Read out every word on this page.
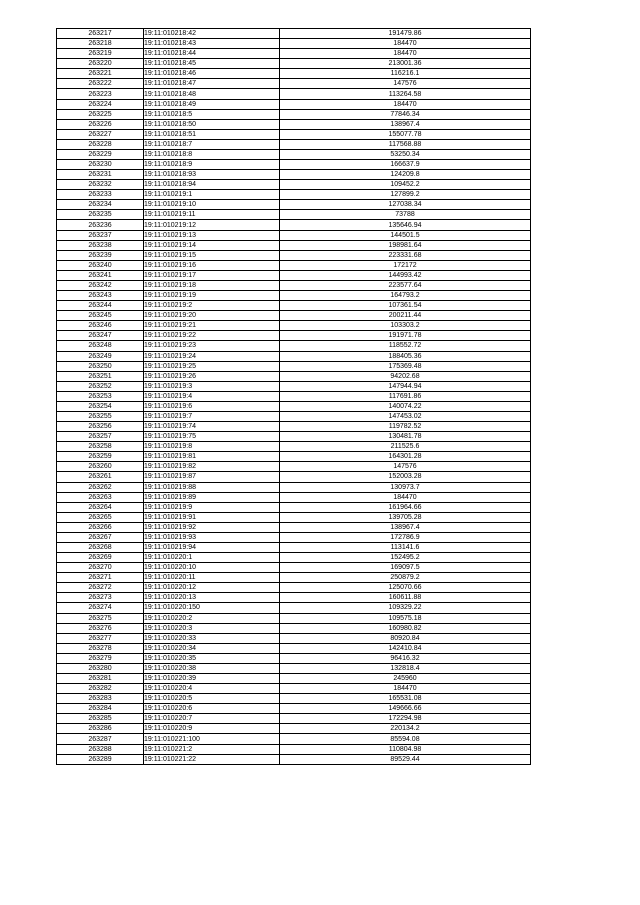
263217	19:11:010218:42	191479.86
263218	19:11:010218:43	184470
263219	19:11:010218:44	184470
263220	19:11:010218:45	213001.36
263221	19:11:010218:46	116216.1
263222	19:11:010218:47	147576
263223	19:11:010218:48	113264.58
263224	19:11:010218:49	184470
263225	19:11:010218:5	77846.34
263226	19:11:010218:50	138967.4
263227	19:11:010218:51	155077.78
263228	19:11:010218:7	117568.88
263229	19:11:010218:8	53250.34
263230	19:11:010218:9	166637.9
263231	19:11:010218:93	124209.8
263232	19:11:010218:94	109452.2
263233	19:11:010219:1	127899.2
263234	19:11:010219:10	127038.34
263235	19:11:010219:11	73788
263236	19:11:010219:12	135646.94
263237	19:11:010219:13	144501.5
263238	19:11:010219:14	198981.64
263239	19:11:010219:15	223331.68
263240	19:11:010219:16	172172
263241	19:11:010219:17	144993.42
263242	19:11:010219:18	223577.64
263243	19:11:010219:19	164793.2
263244	19:11:010219:2	107361.54
263245	19:11:010219:20	200211.44
263246	19:11:010219:21	103303.2
263247	19:11:010219:22	191971.78
263248	19:11:010219:23	118552.72
263249	19:11:010219:24	188405.36
263250	19:11:010219:25	175369.48
263251	19:11:010219:26	94202.68
263252	19:11:010219:3	147944.94
263253	19:11:010219:4	117691.86
263254	19:11:010219:6	140074.22
263255	19:11:010219:7	147453.02
263256	19:11:010219:74	119782.52
263257	19:11:010219:75	130481.78
263258	19:11:010219:8	211525.6
263259	19:11:010219:81	164301.28
263260	19:11:010219:82	147576
263261	19:11:010219:87	152003.28
263262	19:11:010219:88	130973.7
263263	19:11:010219:89	184470
263264	19:11:010219:9	161964.66
263265	19:11:010219:91	139705.28
263266	19:11:010219:92	138967.4
263267	19:11:010219:93	172786.9
263268	19:11:010219:94	113141.6
263269	19:11:010220:1	152495.2
263270	19:11:010220:10	169097.5
263271	19:11:010220:11	250879.2
263272	19:11:010220:12	125070.66
263273	19:11:010220:13	160611.88
263274	19:11:010220:150	109329.22
263275	19:11:010220:2	109575.18
263276	19:11:010220:3	160980.82
263277	19:11:010220:33	80920.84
263278	19:11:010220:34	142410.84
263279	19:11:010220:35	96416.32
263280	19:11:010220:38	132818.4
263281	19:11:010220:39	245960
263282	19:11:010220:4	184470
263283	19:11:010220:5	165531.08
263284	19:11:010220:6	149666.66
263285	19:11:010220:7	172294.98
263286	19:11:010220:9	220134.2
263287	19:11:010221:100	85594.08
263288	19:11:010221:2	110804.98
263289	19:11:010221:22	89529.44
